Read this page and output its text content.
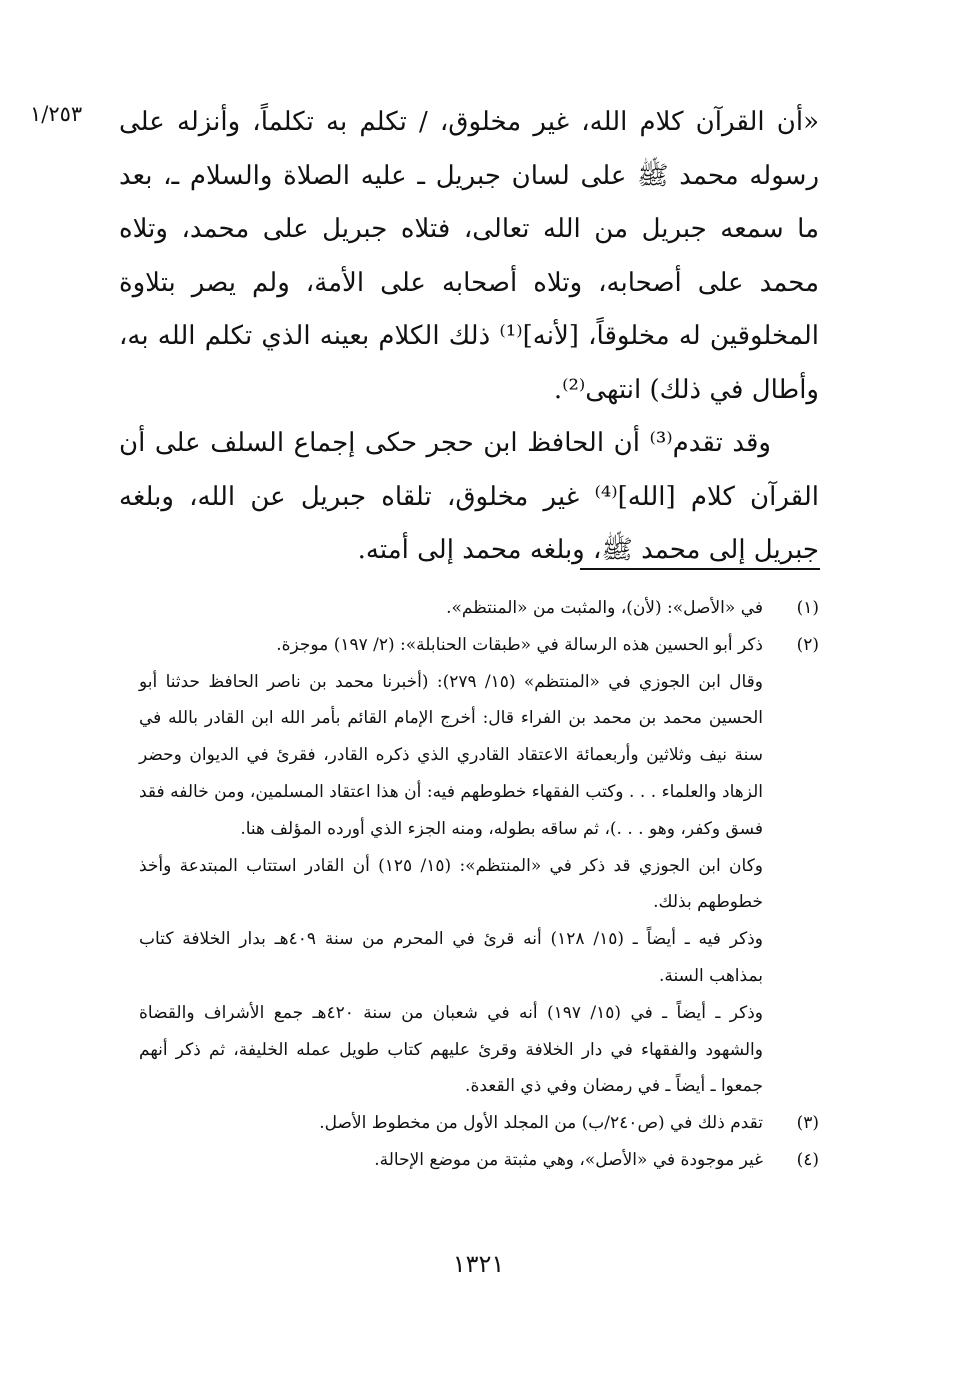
١/٢٥٣	«أن القرآن كلام الله، غير مخلوق، / تكلم به تكلماً، وأنزله على رسوله محمد ﷺ على لسان جبريل ـ عليه الصلاة والسلام ـ، بعد ما سمعه جبريل من الله تعالى، فتلاه جبريل على محمد، وتلاه محمد على أصحابه، وتلاه أصحابه على الأمة، ولم يصر بتلاوة المخلوقين له مخلوقاً، [لأنه]⁽¹⁾ ذلك الكلام بعينه الذي تكلم الله به، وأطال في ذلك) انتهى⁽²⁾.

وقد تقدم⁽³⁾ أن الحافظ ابن حجر حكى إجماع السلف على أن القرآن كلام [الله]⁽⁴⁾ غير مخلوق، تلقاه جبريل عن الله، وبلغه جبريل إلى محمد ﷺ، وبلغه محمد إلى أمته.

(١)

في «الأصل»: (لأن)، والمثبت من «المنتظم».

(٢)

ذكر أبو الحسين هذه الرسالة في «طبقات الحنابلة»: (٢/ ١٩٧) موجزة.

وقال ابن الجوزي في «المنتظم» (١٥/ ٢٧٩): (أخبرنا محمد بن ناصر الحافظ حدثنا أبو الحسين محمد بن محمد بن الفراء قال: أخرج الإمام القائم بأمر الله ابن القادر بالله في سنة نيف وثلاثين وأربعمائة الاعتقاد القادري الذي ذكره القادر، فقرئ في الديوان وحضر الزهاد والعلماء . . . وكتب الفقهاء خطوطهم فيه: أن هذا اعتقاد المسلمين، ومن خالفه فقد فسق وكفر، وهو . . .)، ثم ساقه بطوله، ومنه الجزء الذي أورده المؤلف هنا.

وكان ابن الجوزي قد ذكر في «المنتظم»: (١٥/ ١٢٥) أن القادر استتاب المبتدعة وأخذ خطوطهم بذلك.

وذكر فيه ـ أيضاً ـ (١٥/ ١٢٨) أنه قرئ في المحرم من سنة ٤٠٩هـ بدار الخلافة كتاب بمذاهب السنة.

وذكر ـ أيضاً ـ في (١٥/ ١٩٧) أنه في شعبان من سنة ٤٢٠هـ جمع الأشراف والقضاة والشهود والفقهاء في دار الخلافة وقرئ عليهم كتاب طويل عمله الخليفة، ثم ذكر أنهم جمعوا ـ أيضاً ـ في رمضان وفي ذي القعدة.

(٣)

تقدم ذلك في (ص٢٤٠/ب) من المجلد الأول من مخطوط الأصل.

(٤)

غير موجودة في «الأصل»، وهي مثبتة من موضع الإحالة.

١٣٢١
